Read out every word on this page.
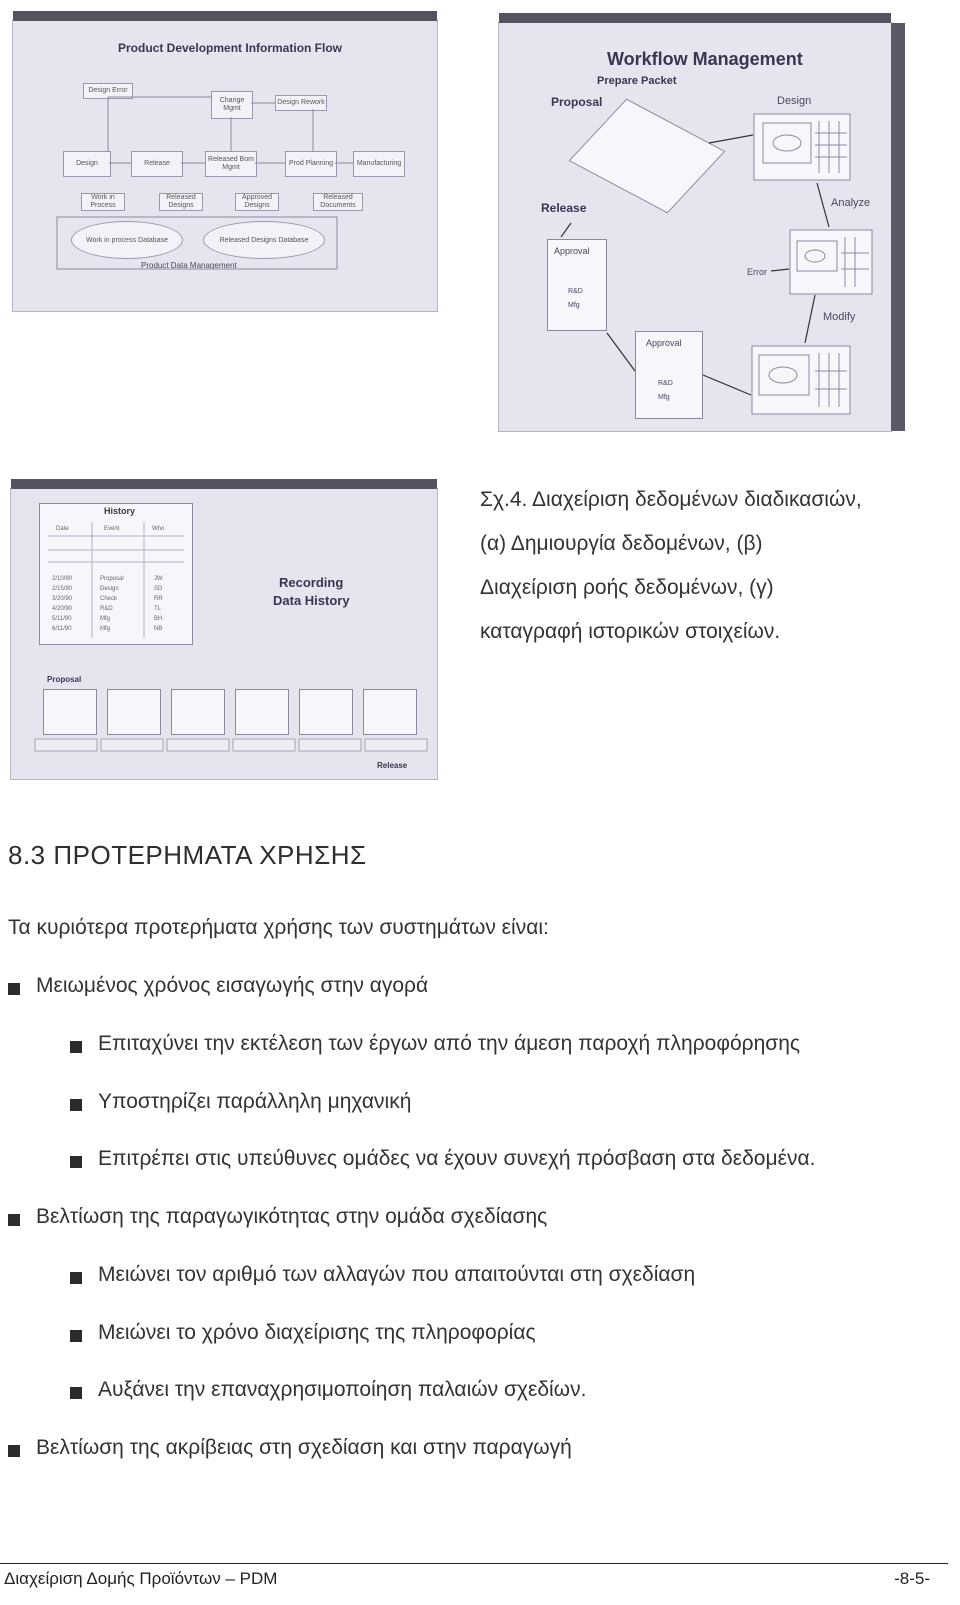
Product Development Information Flow
Design Error
Change Mgmt
Design Rework
Design	Release
Released Bom Mgmt
Prod Planning	Manufacturing
Work in Process
Released Designs
Approved Designs
Released Documents
Work in process Database	Released Designs Database
Product Data Management
Workflow Management
Prepare Packet
Proposal	Design
Release	Analyze
Error
Modify
Approval
R&D
Mfg
Approval
R&D
Mfg
History
Date	Event	Who
2/10/90	Proposal	JW
2/15/90	Design	SD
3/20/90	Check	RR
4/20/90	R&D	TL
5/11/90	Mfg	BH
6/11/90	Mfg	NB
Recording
Data History
Proposal
Release
Σχ.4. Διαχείριση δεδομένων διαδικασιών,
(α) Δημιουργία δεδομένων, (β)
Διαχείριση ροής δεδομένων, (γ)
καταγραφή ιστορικών στοιχείων.
8.3 ΠΡΟΤΕΡΗΜΑΤΑ ΧΡΗΣΗΣ
Τα κυριότερα προτερήματα χρήσης των συστημάτων είναι:
Μειωμένος χρόνος εισαγωγής στην αγορά
Επιταχύνει την εκτέλεση των έργων από την άμεση παροχή πληροφόρησης
Υποστηρίζει παράλληλη μηχανική
Επιτρέπει στις υπεύθυνες ομάδες να έχουν συνεχή πρόσβαση στα δεδομένα.
Βελτίωση της παραγωγικότητας στην ομάδα σχεδίασης
Μειώνει τον αριθμό των αλλαγών που απαιτούνται στη σχεδίαση
Μειώνει το χρόνο διαχείρισης της πληροφορίας
Αυξάνει την επαναχρησιμοποίηση παλαιών σχεδίων.
Βελτίωση της ακρίβειας στη σχεδίαση και στην παραγωγή
Διαχείριση Δομής Προϊόντων – PDM	-8-5-
